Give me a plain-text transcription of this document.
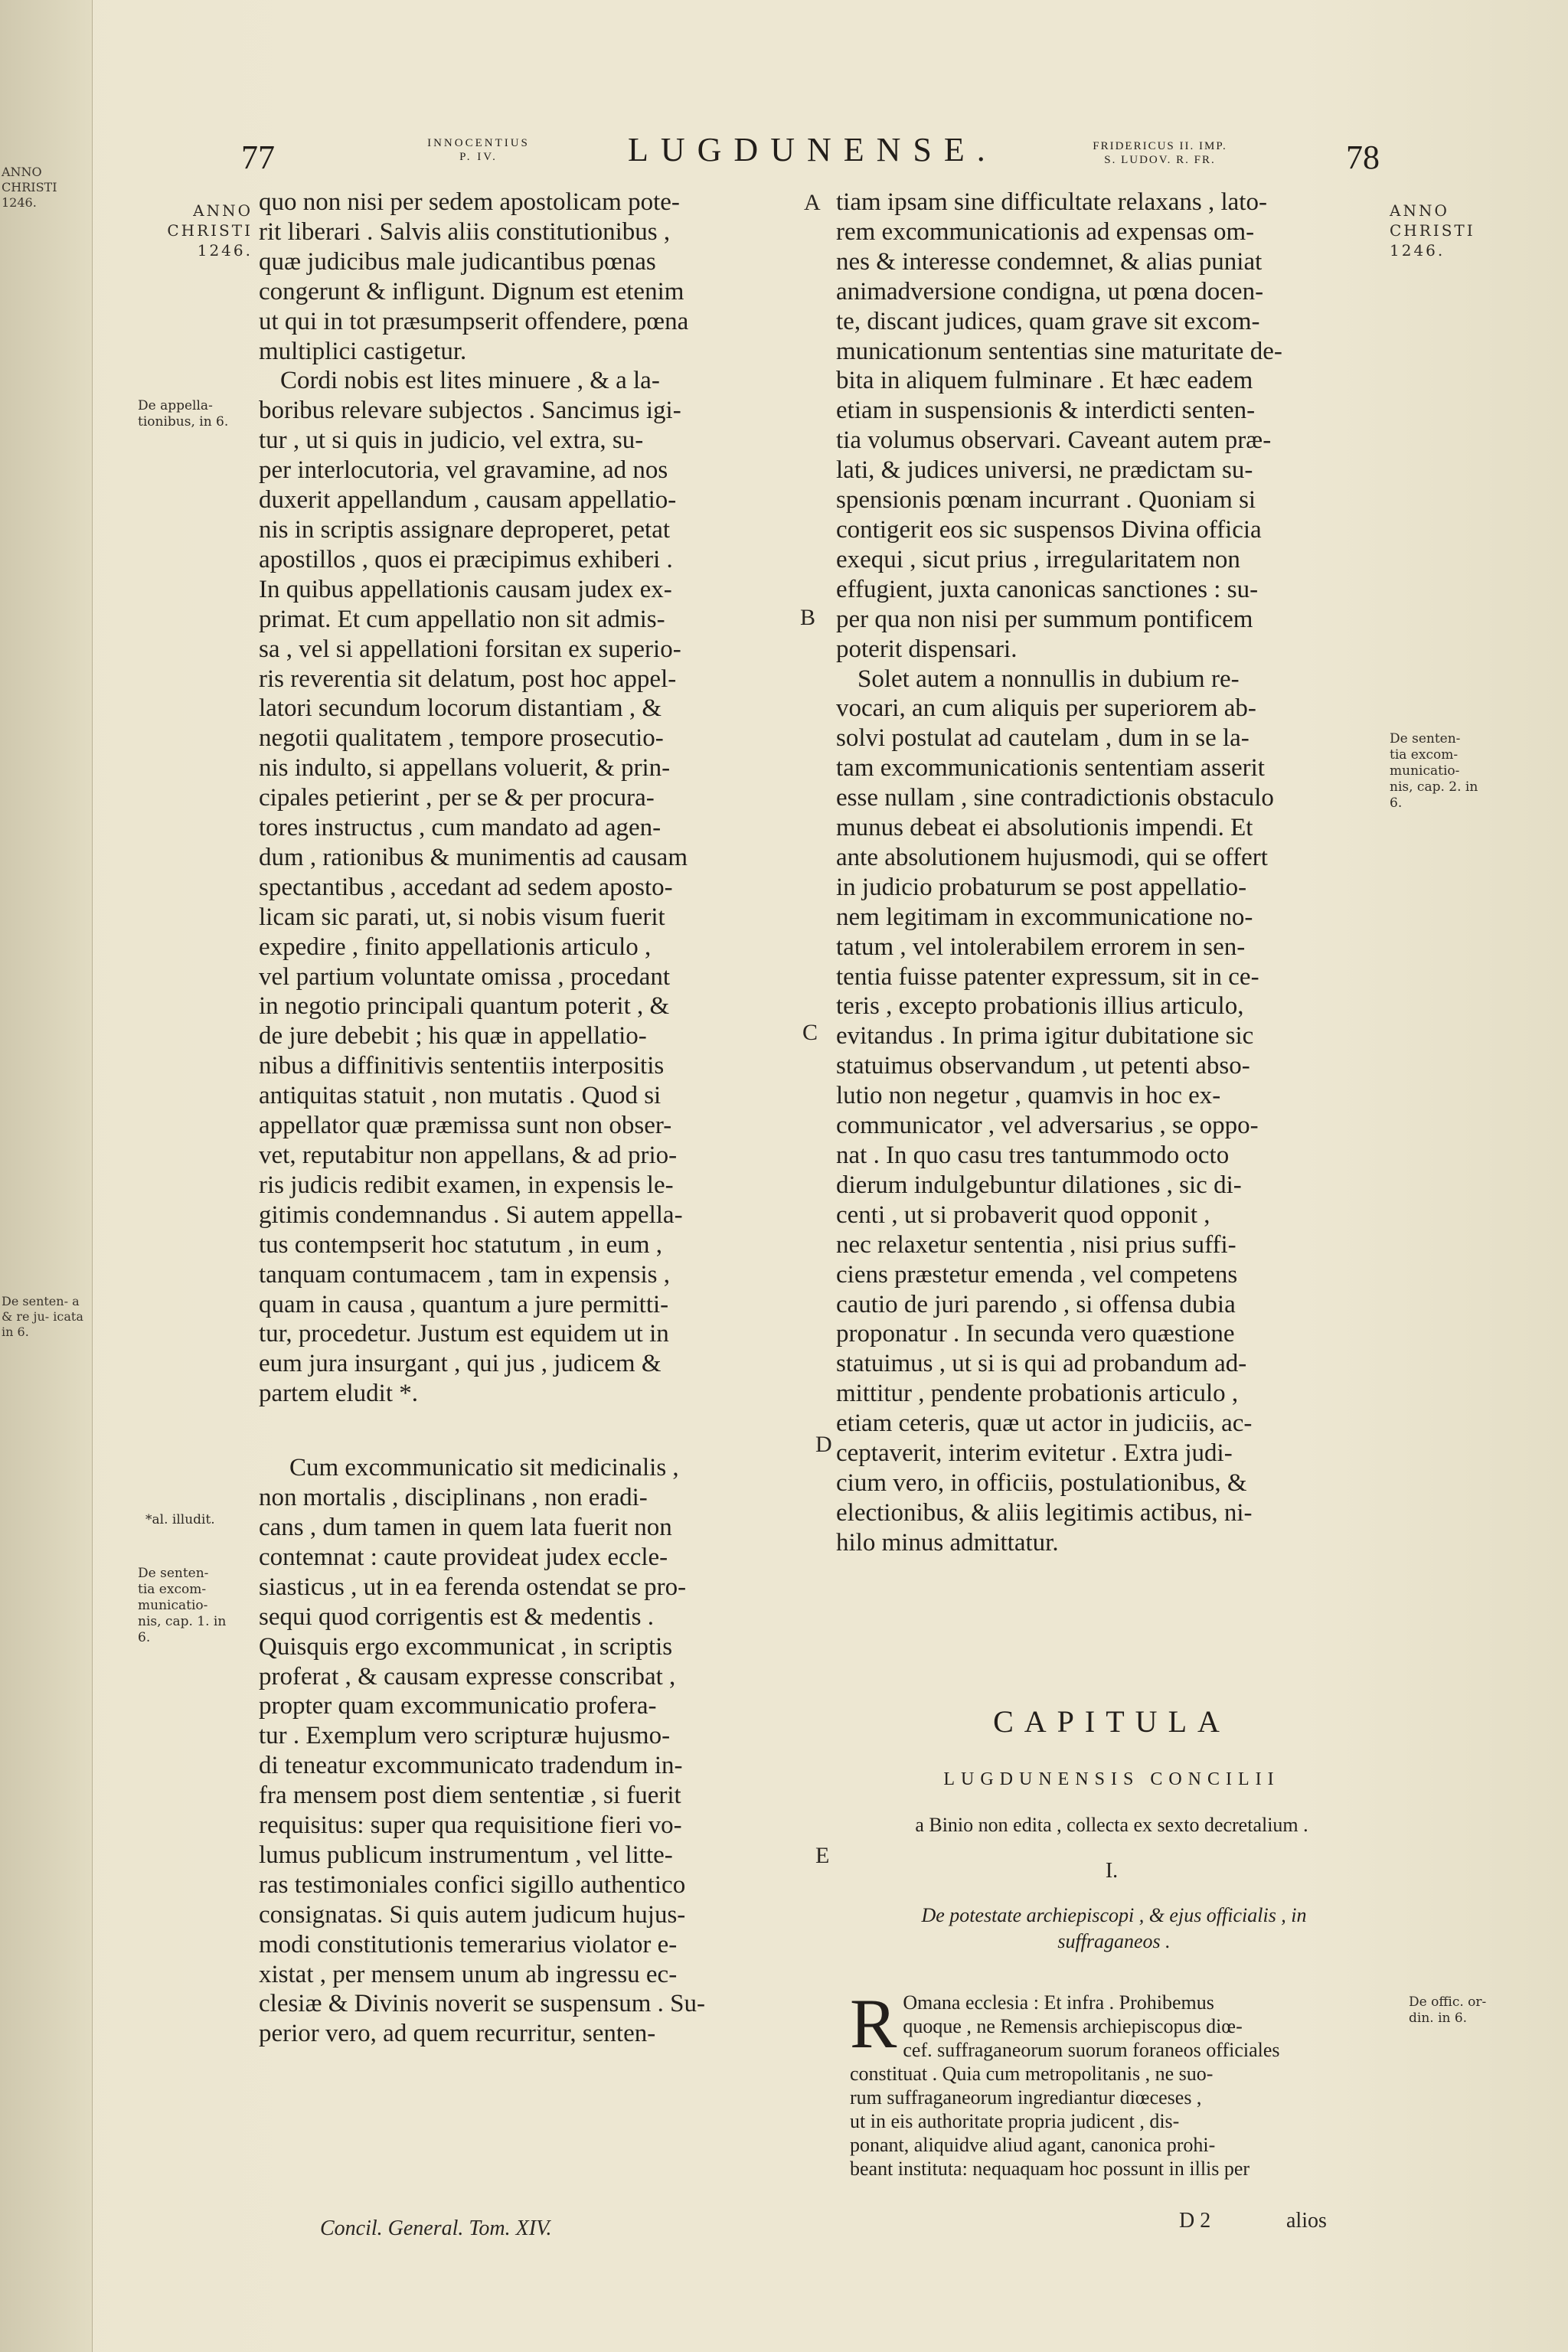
ANNO CHRISTI 1246.
De senten- a & re ju- icata in 6.
77	INNOCENTIUS
P. IV.	LUGDUNENSE.	FRIDERICUS II. IMP.
S. LUDOV. R. FR.	78
ANNO CHRISTI 1246.
De appella- tionibus, in 6.
*al. illudit.
De senten- tia excom- municatio- nis, cap. 1. in 6.
ANNO CHRISTI 1246.
De senten- tia excom- municatio- nis, cap. 2. in 6.
De offic. or- din. in 6.
A
B
C
D
E
quo non nisi per sedem apostolicam pote-
rit liberari . Salvis aliis constitutionibus ,
quæ judicibus male judicantibus pœnas
congerunt & infligunt. Dignum est etenim
ut qui in tot præsumpserit offendere, pœna
multiplici castigetur.
Cordi nobis est lites minuere , & a la-
boribus relevare subjectos . Sancimus igi-
tur , ut si quis in judicio, vel extra, su-
per interlocutoria, vel gravamine, ad nos
duxerit appellandum , causam appellatio-
nis in scriptis assignare deproperet, petat
apostillos , quos ei præcipimus exhiberi .
In quibus appellationis causam judex ex-
primat. Et cum appellatio non sit admis-
sa , vel si appellationi forsitan ex superio-
ris reverentia sit delatum, post hoc appel-
latori secundum locorum distantiam , &
negotii qualitatem , tempore prosecutio-
nis indulto, si appellans voluerit, & prin-
cipales petierint , per se & per procura-
tores instructus , cum mandato ad agen-
dum , rationibus & munimentis ad causam
spectantibus , accedant ad sedem aposto-
licam sic parati, ut, si nobis visum fuerit
expedire , finito appellationis articulo ,
vel partium voluntate omissa , procedant
in negotio principali quantum poterit , &
de jure debebit ; his quæ in appellatio-
nibus a diffinitivis sententiis interpositis
antiquitas statuit , non mutatis . Quod si
appellator quæ præmissa sunt non obser-
vet, reputabitur non appellans, & ad prio-
ris judicis redibit examen, in expensis le-
gitimis condemnandus . Si autem appella-
tus contempserit hoc statutum , in eum ,
tanquam contumacem , tam in expensis ,
quam in causa , quantum a jure permitti-
tur, procedetur. Justum est equidem ut in
eum jura insurgant , qui jus , judicem &
partem eludit *.
Cum excommunicatio sit medicinalis ,
non mortalis , disciplinans , non eradi-
cans , dum tamen in quem lata fuerit non
contemnat : caute provideat judex eccle-
siasticus , ut in ea ferenda ostendat se pro-
sequi quod corrigentis est & medentis .
Quisquis ergo excommunicat , in scriptis
proferat , & causam expresse conscribat ,
propter quam excommunicatio profera-
tur . Exemplum vero scripturæ hujusmo-
di teneatur excommunicato tradendum in-
fra mensem post diem sententiæ , si fuerit
requisitus: super qua requisitione fieri vo-
lumus publicum instrumentum , vel litte-
ras testimoniales confici sigillo authentico
consignatas. Si quis autem judicum hujus-
modi constitutionis temerarius violator e-
xistat , per mensem unum ab ingressu ec-
clesiæ & Divinis noverit se suspensum . Su-
perior vero, ad quem recurritur, senten-
tiam ipsam sine difficultate relaxans , lato-
rem excommunicationis ad expensas om-
nes & interesse condemnet, & alias puniat
animadversione condigna, ut pœna docen-
te, discant judices, quam grave sit excom-
municationum sententias sine maturitate de-
bita in aliquem fulminare . Et hæc eadem
etiam in suspensionis & interdicti senten-
tia volumus observari. Caveant autem præ-
lati, & judices universi, ne prædictam su-
spensionis pœnam incurrant . Quoniam si
contigerit eos sic suspensos Divina officia
exequi , sicut prius , irregularitatem non
effugient, juxta canonicas sanctiones : su-
per qua non nisi per summum pontificem
poterit dispensari.
Solet autem a nonnullis in dubium re-
vocari, an cum aliquis per superiorem ab-
solvi postulat ad cautelam , dum in se la-
tam excommunicationis sententiam asserit
esse nullam , sine contradictionis obstaculo
munus debeat ei absolutionis impendi. Et
ante absolutionem hujusmodi, qui se offert
in judicio probaturum se post appellatio-
nem legitimam in excommunicatione no-
tatum , vel intolerabilem errorem in sen-
tentia fuisse patenter expressum, sit in ce-
teris , excepto probationis illius articulo,
evitandus . In prima igitur dubitatione sic
statuimus observandum , ut petenti abso-
lutio non negetur , quamvis in hoc ex-
communicator , vel adversarius , se oppo-
nat . In quo casu tres tantummodo octo
dierum indulgebuntur dilationes , sic di-
centi , ut si probaverit quod opponit ,
nec relaxetur sententia , nisi prius suffi-
ciens præstetur emenda , vel competens
cautio de juri parendo , si offensa dubia
proponatur . In secunda vero quæstione
statuimus , ut si is qui ad probandum ad-
mittitur , pendente probationis articulo ,
etiam ceteris, quæ ut actor in judiciis, ac-
ceptaverit, interim evitetur . Extra judi-
cium vero, in officiis, postulationibus, &
electionibus, & aliis legitimis actibus, ni-
hilo minus admittatur.
CAPITULA
LUGDUNENSIS CONCILII
a Binio non edita , collecta ex sexto decretalium .
I.
De potestate archiepiscopi , & ejus officialis , in
suffraganeos .
R Omana ecclesia : Et infra . Prohibemus
quoque , ne Remensis archiepiscopus diœ-
cef. suffraganeorum suorum foraneos officiales
constituat . Quia cum metropolitanis , ne suo-
rum suffraganeorum ingrediantur diœceses ,
ut in eis authoritate propria judicent , dis-
ponant, aliquidve aliud agant, canonica prohi-
beant instituta: nequaquam hoc possunt in illis per
Concil. General. Tom. XIV.	D 2	alios
